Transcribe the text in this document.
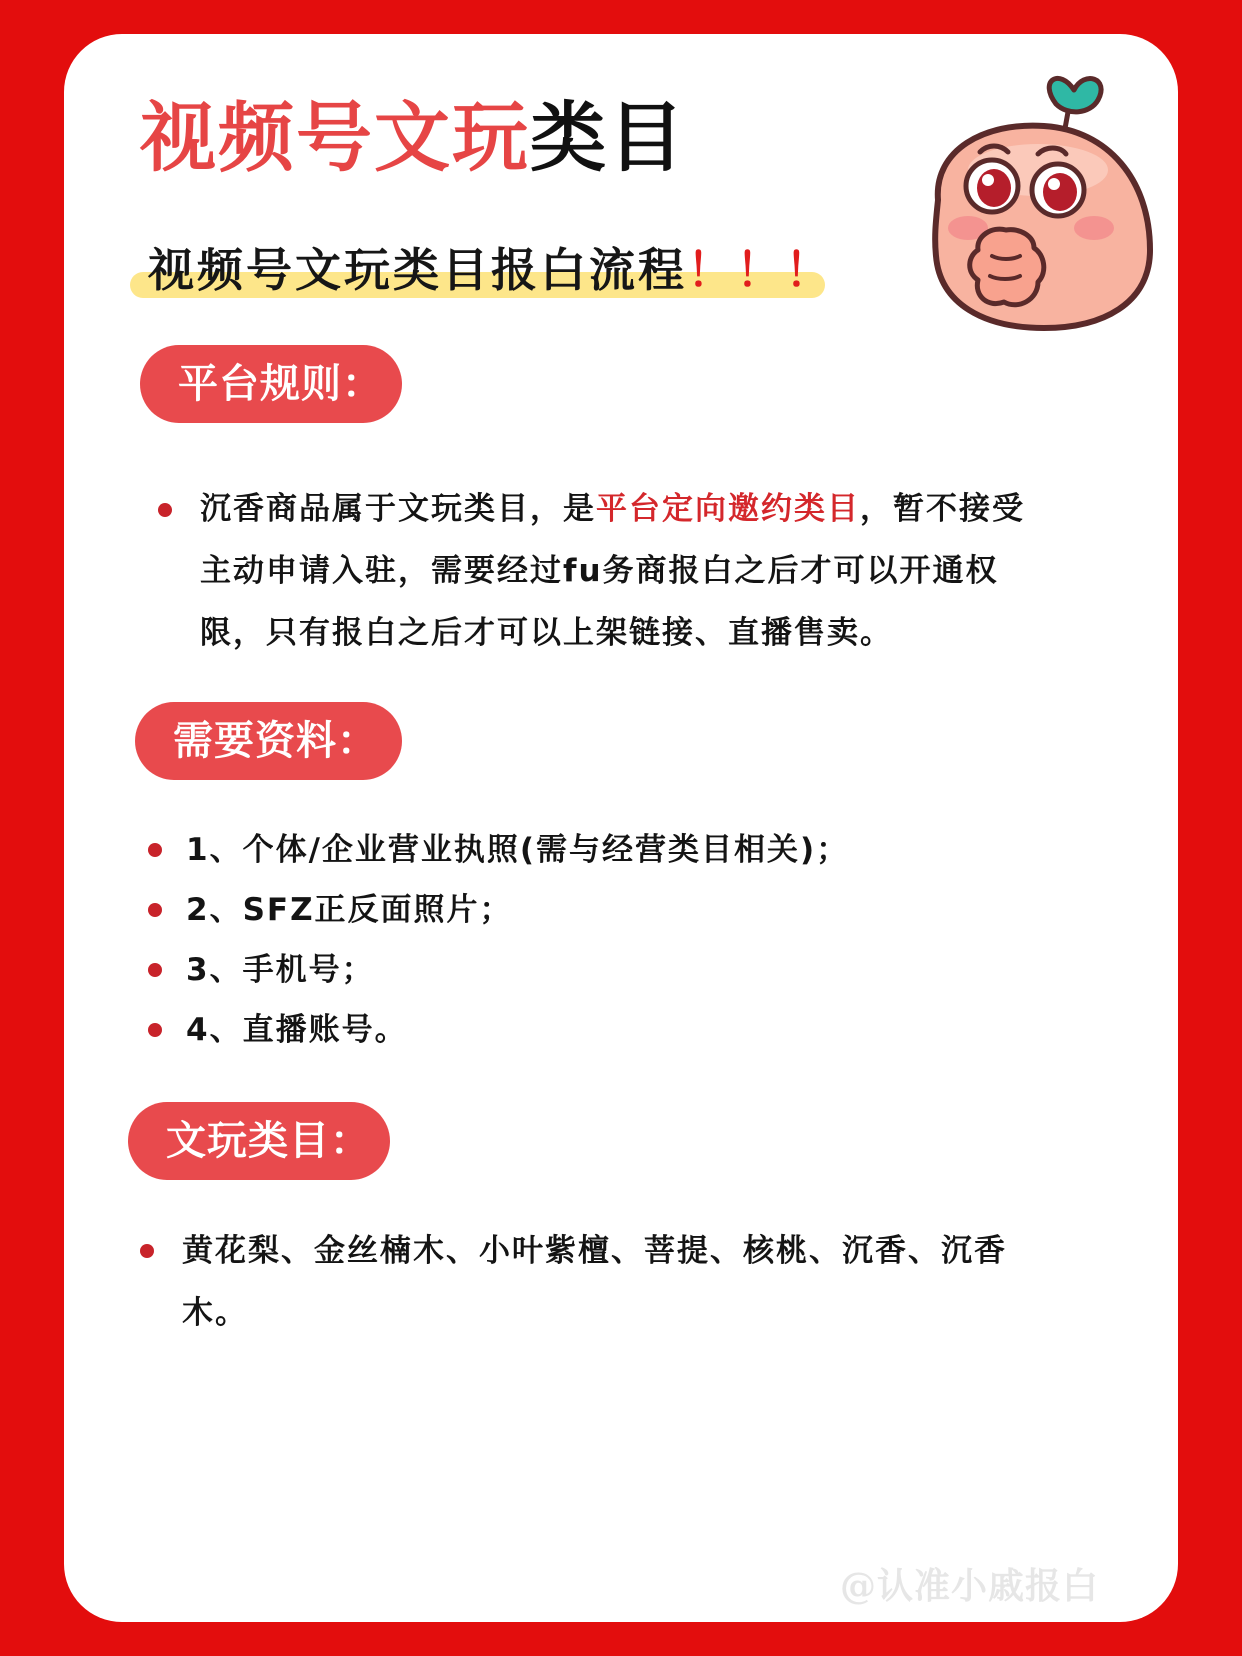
视频号文玩类目
视频号文玩类目报白流程！！！
平台规则：
沉香商品属于文玩类目，是平台定向邀约类目，暂不接受主动申请入驻，需要经过fu务商报白之后才可以开通权限，只有报白之后才可以上架链接、直播售卖。
需要资料：
1、个体/企业营业执照(需与经营类目相关)；
2、SFZ正反面照片；
3、手机号；
4、直播账号。
文玩类目：
黄花梨、金丝楠木、小叶紫檀、菩提、核桃、沉香、沉香木。
@认准小戚报白
